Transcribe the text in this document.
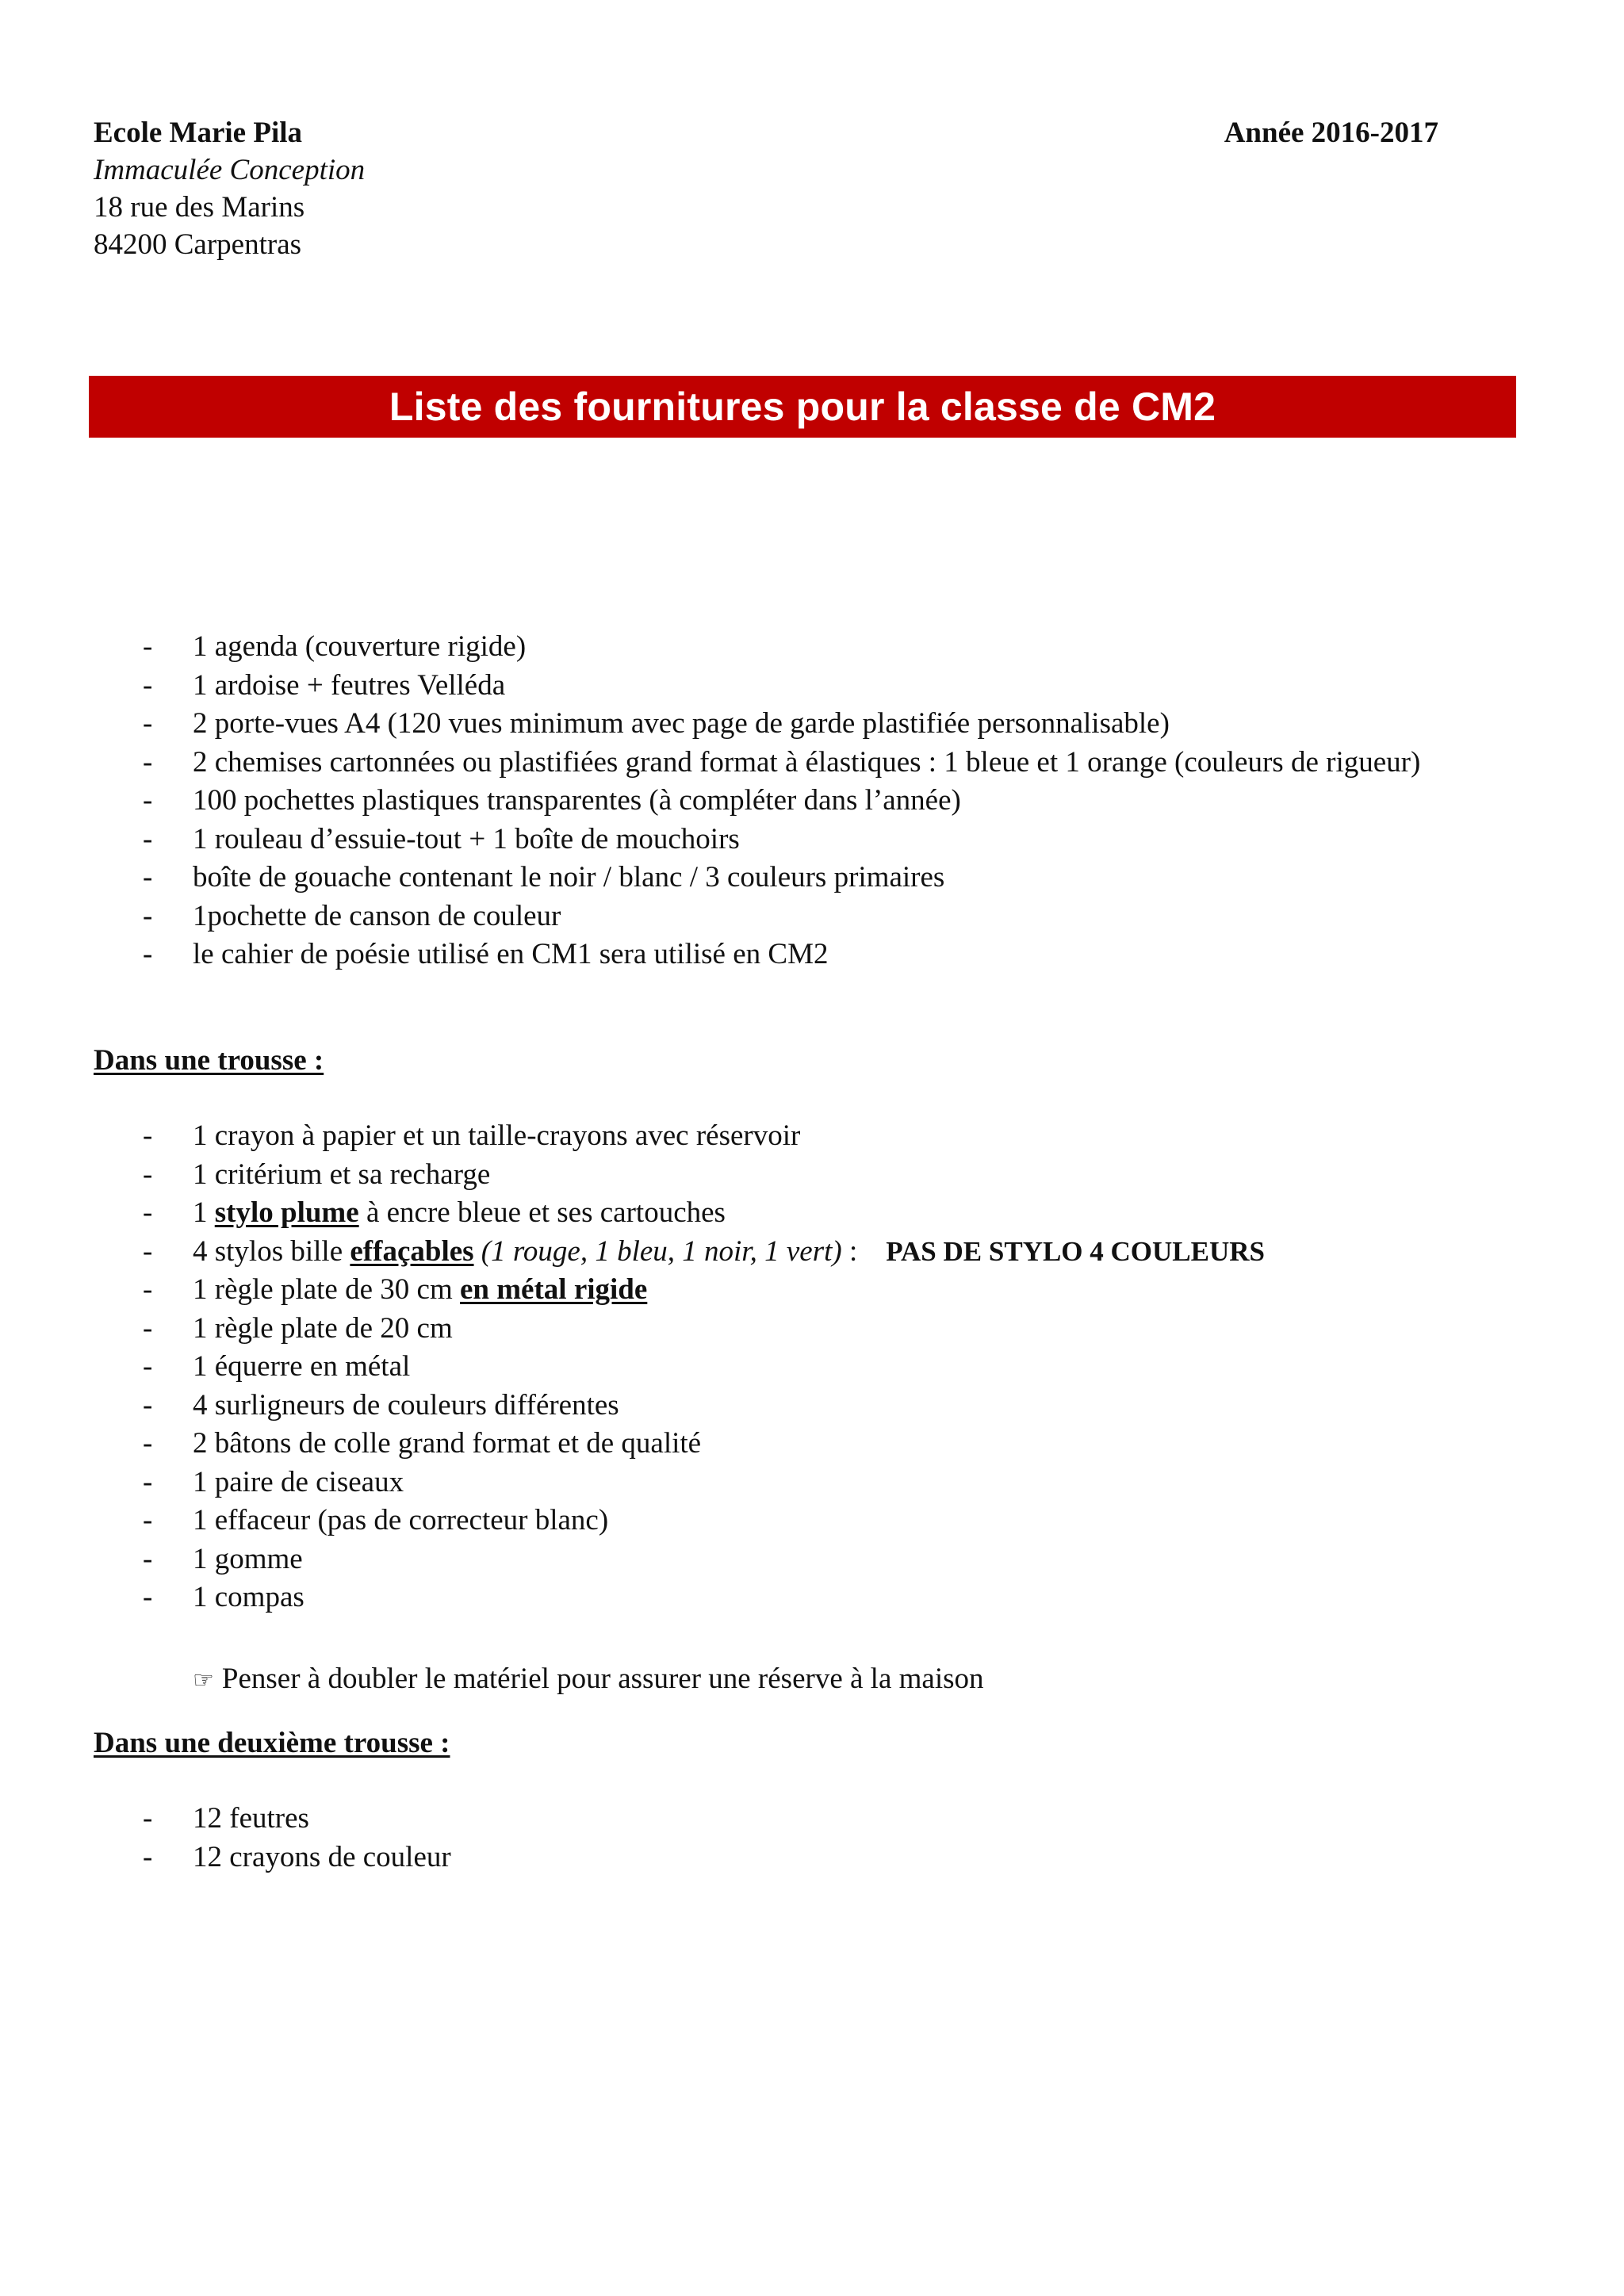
Ecole Marie Pila
Immaculée Conception
18 rue des Marins
84200 Carpentras
Année 2016-2017
Liste des fournitures pour la classe de CM2
- 1 agenda (couverture rigide)
- 1 ardoise + feutres Velléda
- 2 porte-vues A4 (120 vues minimum avec page de garde plastifiée personnalisable)
- 2 chemises cartonnées ou plastifiées grand format à élastiques : 1 bleue et 1 orange (couleurs de rigueur)
- 100 pochettes plastiques transparentes (à compléter dans l’année)
- 1 rouleau d’essuie-tout + 1 boîte de mouchoirs
- boîte de gouache contenant le noir / blanc / 3 couleurs primaires
- 1pochette de canson de couleur
- le cahier de poésie utilisé en CM1 sera utilisé en CM2
Dans une trousse :
- 1 crayon à papier et un taille-crayons avec réservoir
- 1 critérium et sa recharge
- 1 stylo plume à encre bleue et ses cartouches
- 4 stylos bille effaçables (1 rouge, 1 bleu, 1 noir, 1 vert) : PAS DE STYLO 4 COULEURS
- 1 règle plate de 30 cm en métal rigide
- 1 règle plate de 20 cm
- 1 équerre en métal
- 4 surligneurs de couleurs différentes
- 2 bâtons de colle grand format et de qualité
- 1 paire de ciseaux
- 1 effaceur (pas de correcteur blanc)
- 1 gomme
- 1 compas
☞ Penser à doubler le matériel pour assurer une réserve à la maison
Dans une deuxième trousse :
- 12 feutres
- 12 crayons de couleur
